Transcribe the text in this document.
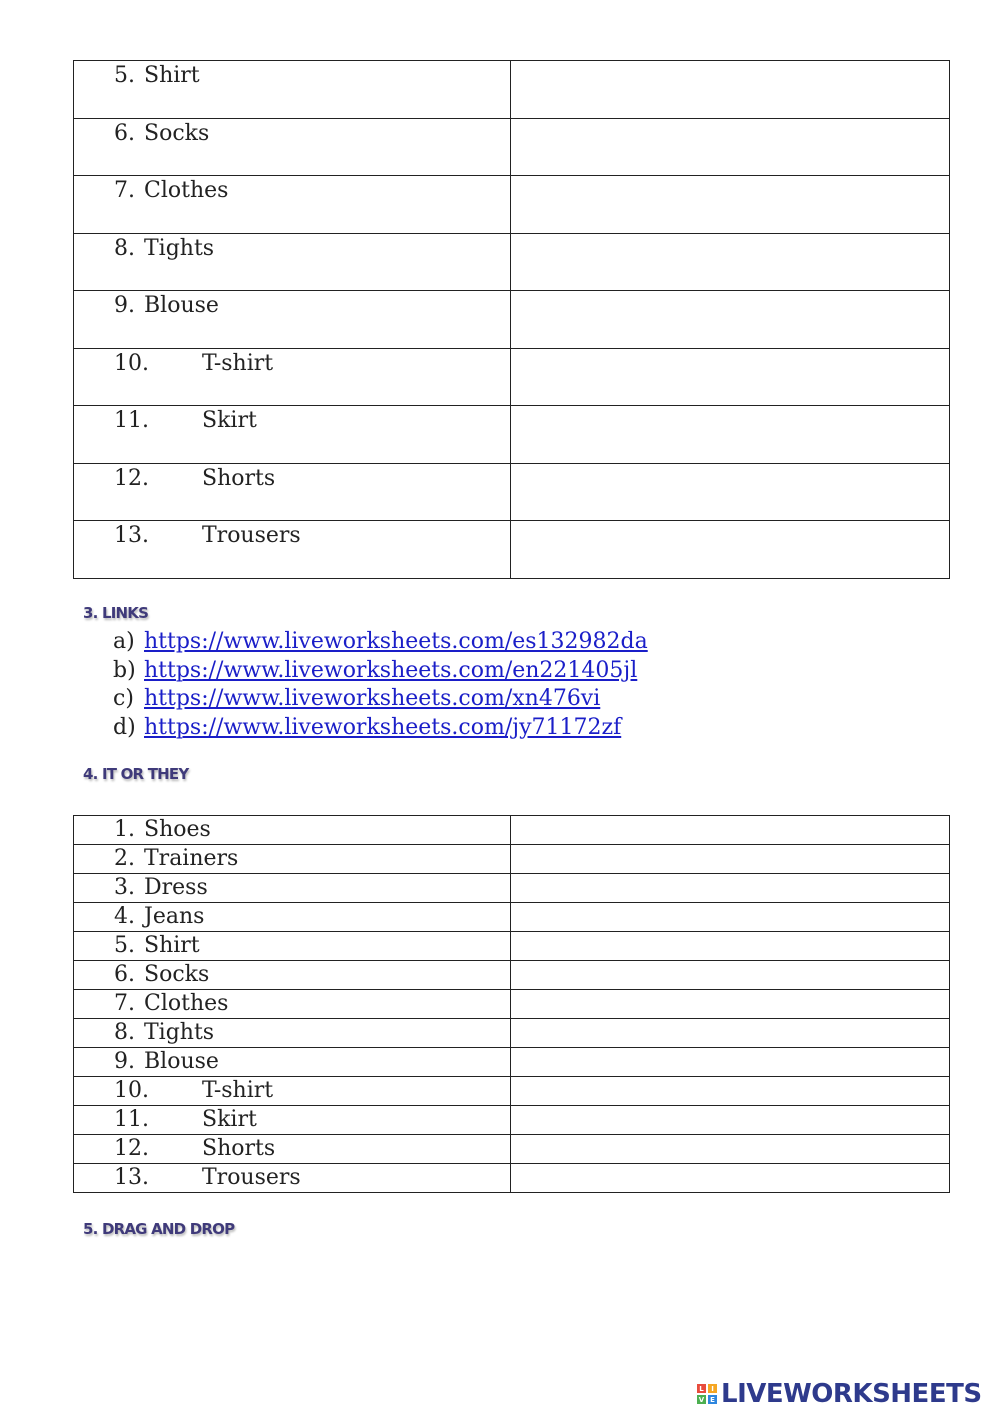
5. Shirt	
6. Socks	
7. Clothes	
8. Tights	
9. Blouse	
10. T-shirt	
11. Skirt	
12. Shorts	
13. Trousers	
3. LINKS
a) https://www.liveworksheets.com/es132982da
b) https://www.liveworksheets.com/en221405jl
c) https://www.liveworksheets.com/xn476vi
d) https://www.liveworksheets.com/jy71172zf
4. IT OR THEY
1. Shoes	
2. Trainers	
3. Dress	
4. Jeans	
5. Shirt	
6. Socks	
7. Clothes	
8. Tights	
9. Blouse	
10. T-shirt	
11. Skirt	
12. Shorts	
13. Trousers	
5. DRAG AND DROP
L	I
V E LIVEWORKSHEETS
